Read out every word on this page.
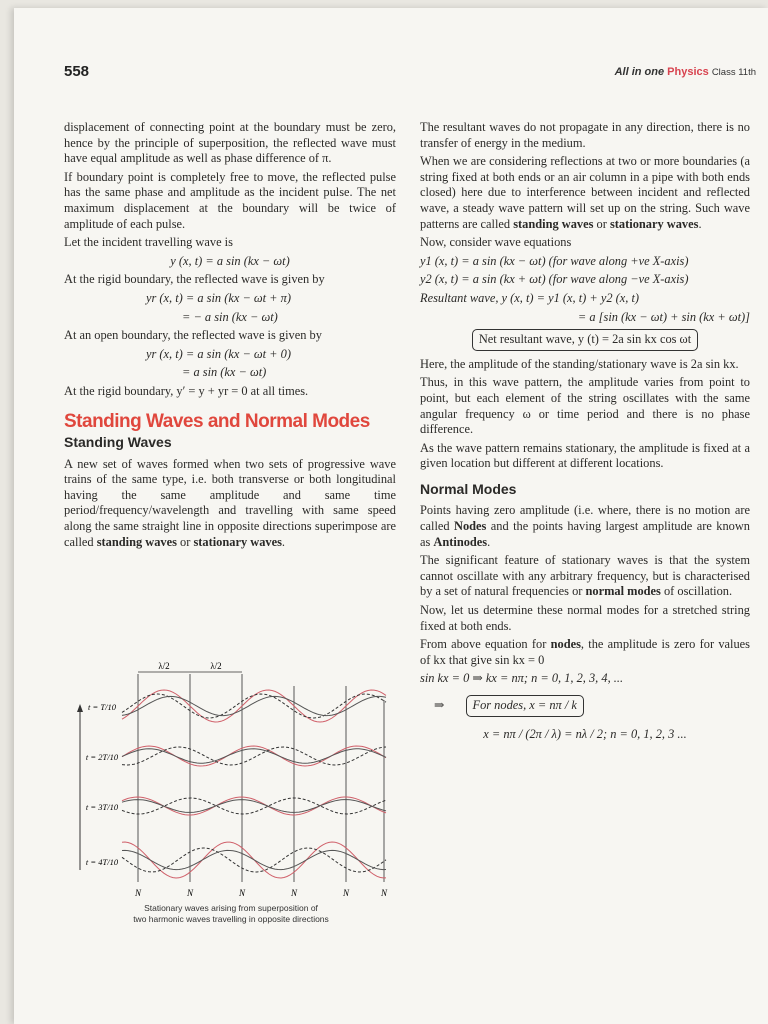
558	All in one Physics Class 11th

displacement of connecting point at the boundary must be zero, hence by the principle of superposition, the reflected wave must have equal amplitude as well as phase difference of π.

If boundary point is completely free to move, the reflected pulse has the same phase and amplitude as the incident pulse. The net maximum displacement at the boundary will be twice of amplitude of each pulse.

Let the incident travelling wave is

y (x, t) = a sin (kx − ωt)

At the rigid boundary, the reflected wave is given by

yr (x, t) = a sin (kx − ωt + π)
= − a sin (kx − ωt)

At an open boundary, the reflected wave is given by

yr (x, t) = a sin (kx − ωt + 0)
= a sin (kx − ωt)

At the rigid boundary, y′ = y + yr = 0 at all times.

Standing Waves and Normal Modes
Standing Waves

A new set of waves formed when two sets of progressive wave trains of the same type, i.e. both transverse or both longitudinal having the same amplitude and same time period/frequency/wavelength and travelling with same speed along the same straight line in opposite directions superimpose are called standing waves or stationary waves.

λ/2	λ/2
t = T/10
t = 2T/10
t = 3T/10
t = 4T/10
N	N	N	N	N	N
Stationary waves arising from superposition of
two harmonic waves travelling in opposite directions

The resultant waves do not propagate in any direction, there is no transfer of energy in the medium.

When we are considering reflections at two or more boundaries (a string fixed at both ends or an air column in a pipe with both ends closed) here due to interference between incident and reflected wave, a steady wave pattern will set up on the string. Such wave patterns are called standing waves or stationary waves.

Now, consider wave equations

y1 (x, t) = a sin (kx − ωt) (for wave along +ve X-axis)
y2 (x, t) = a sin (kx + ωt) (for wave along −ve X-axis)
Resultant wave, y (x, t) = y1 (x, t) + y2 (x, t)
= a [sin (kx − ωt) + sin (kx + ωt)]
Net resultant wave, y (t) = 2a sin kx cos ωt

Here, the amplitude of the standing/stationary wave is 2a sin kx.

Thus, in this wave pattern, the amplitude varies from point to point, but each element of the string oscillates with the same angular frequency ω or time period and there is no phase difference.

As the wave pattern remains stationary, the amplitude is fixed at a given location but different at different locations.

Normal Modes

Points having zero amplitude (i.e. where, there is no motion are called Nodes and the points having largest amplitude are known as Antinodes.

The significant feature of stationary waves is that the system cannot oscillate with any arbitrary frequency, but is characterised by a set of natural frequencies or normal modes of oscillation.

Now, let us determine these normal modes for a stretched string fixed at both ends.

From above equation for nodes, the amplitude is zero for values of kx that give sin kx = 0

sin kx = 0 ⇒ kx = nπ; n = 0, 1, 2, 3, 4, ...
⇒ For nodes, x = nπ / k
x = nπ / (2π / λ) = nλ / 2; n = 0, 1, 2, 3 ...
